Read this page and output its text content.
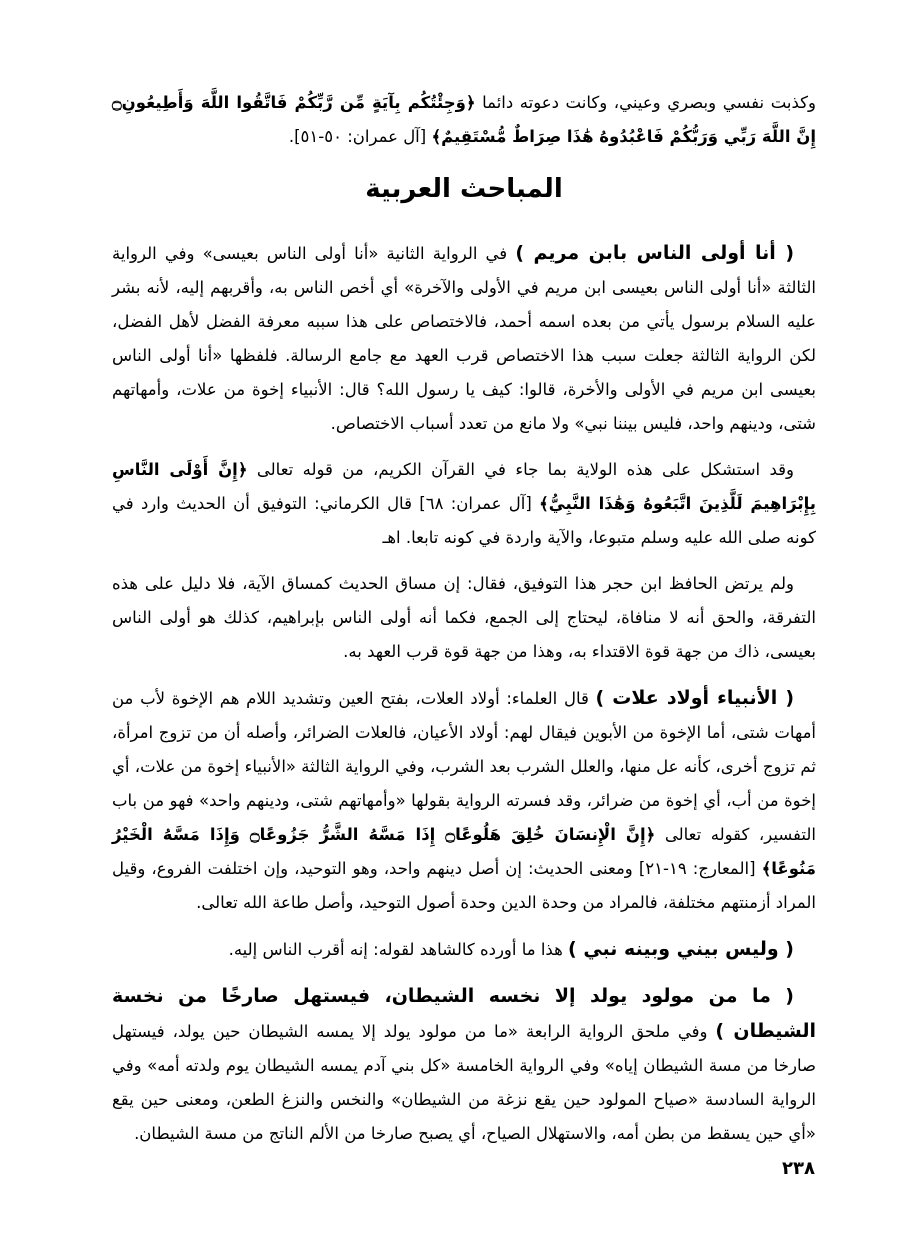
وكذبت نفسي وبصري وعيني، وكانت دعوته دائما ﴿وَجِئْتُكُم بِآيَةٍ مِّن رَّبِّكُمْ فَاتَّقُوا اللَّهَ وَأَطِيعُونِ۝ إِنَّ اللَّهَ رَبِّي وَرَبُّكُمْ فَاعْبُدُوهُ هَٰذَا صِرَاطٌ مُّسْتَقِيمٌ﴾ [آل عمران: ٥٠-٥١].

المباحث العربية

( أنا أولى الناس بابن مريم ) في الرواية الثانية «أنا أولى الناس بعيسى» وفي الرواية الثالثة «أنا أولى الناس بعيسى ابن مريم في الأولى والآخرة» أي أخص الناس به، وأقربهم إليه، لأنه بشر عليه السلام برسول يأتي من بعده اسمه أحمد، فالاختصاص على هذا سببه معرفة الفضل لأهل الفضل، لكن الرواية الثالثة جعلت سبب هذا الاختصاص قرب العهد مع جامع الرسالة. فلفظها «أنا أولى الناس بعيسى ابن مريم في الأولى والأخرة، قالوا: كيف يا رسول الله؟ قال: الأنبياء إخوة من علات، وأمهاتهم شتى، ودينهم واحد، فليس بيننا نبي» ولا مانع من تعدد أسباب الاختصاص.

وقد استشكل على هذه الولاية بما جاء في القرآن الكريم، من قوله تعالى ﴿إِنَّ أَوْلَى النَّاسِ بِإِبْرَاهِيمَ لَلَّذِينَ اتَّبَعُوهُ وَهَٰذَا النَّبِيُّ﴾ [آل عمران: ٦٨] قال الكرماني: التوفيق أن الحديث وارد في كونه صلى الله عليه وسلم متبوعا، والآية واردة في كونه تابعا. اهـ

ولم يرتض الحافظ ابن حجر هذا التوفيق، فقال: إن مساق الحديث كمساق الآية، فلا دليل على هذه التفرقة، والحق أنه لا منافاة، ليحتاج إلى الجمع، فكما أنه أولى الناس بإبراهيم، كذلك هو أولى الناس بعيسى، ذاك من جهة قوة الاقتداء به، وهذا من جهة قوة قرب العهد به.

( الأنبياء أولاد علات ) قال العلماء: أولاد العلات، بفتح العين وتشديد اللام هم الإخوة لأب من أمهات شتى، أما الإخوة من الأبوين فيقال لهم: أولاد الأعيان، فالعلات الضرائر، وأصله أن من تزوج امرأة، ثم تزوج أخرى، كأنه عل منها، والعلل الشرب بعد الشرب، وفي الرواية الثالثة «الأنبياء إخوة من علات، أي إخوة من أب، أي إخوة من ضرائر، وقد فسرته الرواية بقولها «وأمهاتهم شتى، ودينهم واحد» فهو من باب التفسير، كقوله تعالى ﴿إِنَّ الْإِنسَانَ خُلِقَ هَلُوعًا۝ إِذَا مَسَّهُ الشَّرُّ جَزُوعًا۝ وَإِذَا مَسَّهُ الْخَيْرُ مَنُوعًا﴾ [المعارج: ١٩-٢١] ومعنى الحديث: إن أصل دينهم واحد، وهو التوحيد، وإن اختلفت الفروع، وقيل المراد أزمنتهم مختلفة، فالمراد من وحدة الدين وحدة أصول التوحيد، وأصل طاعة الله تعالى.

( وليس بيني وبينه نبي ) هذا ما أورده كالشاهد لقوله: إنه أقرب الناس إليه.

( ما من مولود يولد إلا نخسه الشيطان، فيستهل صارخًا من نخسة الشيطان ) وفي ملحق الرواية الرابعة «ما من مولود يولد إلا يمسه الشيطان حين يولد، فيستهل صارخا من مسة الشيطان إياه» وفي الرواية الخامسة «كل بني آدم يمسه الشيطان يوم ولدته أمه» وفي الرواية السادسة «صياح المولود حين يقع نزغة من الشيطان» والنخس والنزغ الطعن، ومعنى حين يقع «أي حين يسقط من بطن أمه، والاستهلال الصياح، أي يصبح صارخا من الألم الناتج من مسة الشيطان.

٢٣٨
